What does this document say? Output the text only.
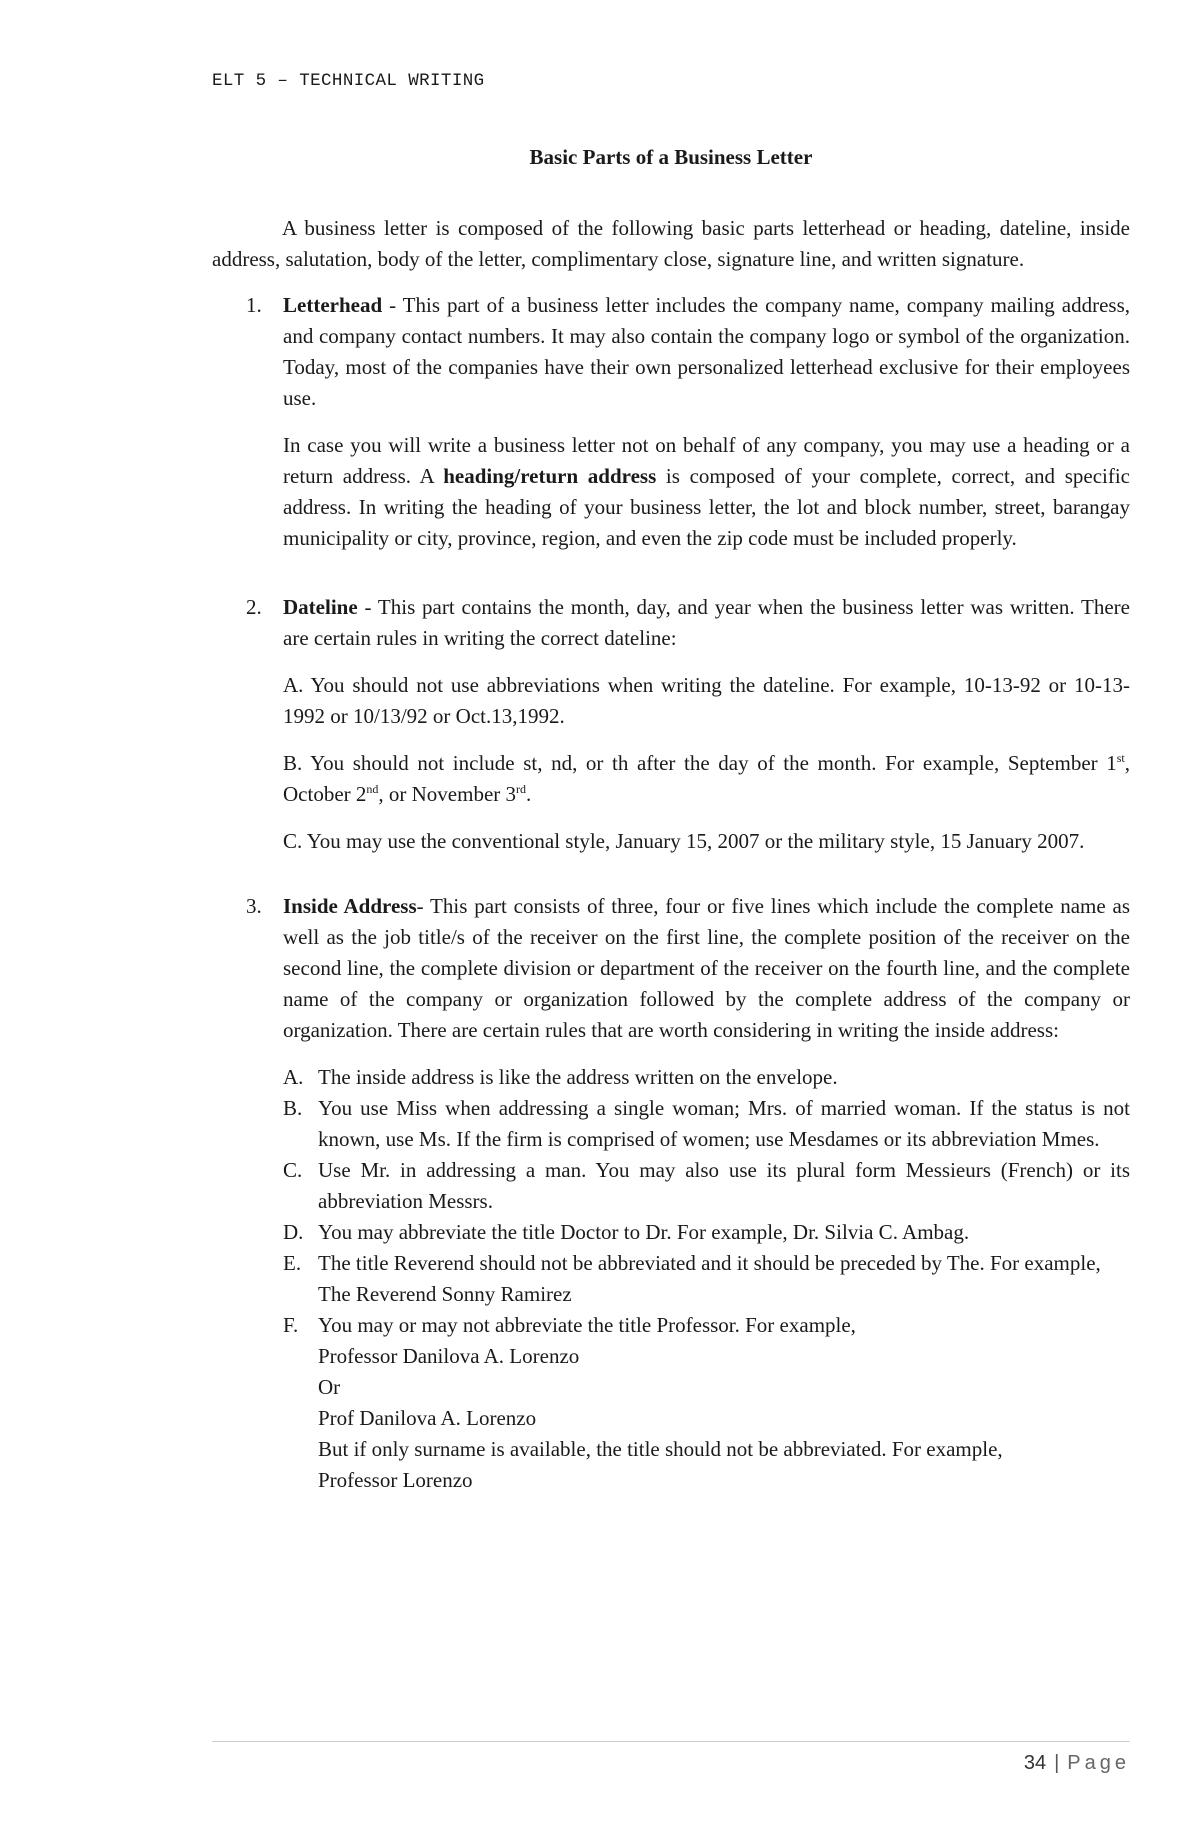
ELT 5 – TECHNICAL WRITING
Basic Parts of a Business Letter

A business letter is composed of the following basic parts letterhead or heading, dateline, inside address, salutation, body of the letter, complimentary close, signature line, and written signature.

1. Letterhead - This part of a business letter includes the company name, company mailing address, and company contact numbers. It may also contain the company logo or symbol of the organization. Today, most of the companies have their own personalized letterhead exclusive for their employees use.

In case you will write a business letter not on behalf of any company, you may use a heading or a return address. A heading/return address is composed of your complete, correct, and specific address. In writing the heading of your business letter, the lot and block number, street, barangay municipality or city, province, region, and even the zip code must be included properly.

2. Dateline - This part contains the month, day, and year when the business letter was written. There are certain rules in writing the correct dateline:

A. You should not use abbreviations when writing the dateline. For example, 10-13-92 or 10-13-1992 or 10/13/92 or Oct.13,1992.

B. You should not include st, nd, or th after the day of the month. For example, September 1st, October 2nd, or November 3rd.

C. You may use the conventional style, January 15, 2007 or the military style, 15 January 2007.

3. Inside Address- This part consists of three, four or five lines which include the complete name as well as the job title/s of the receiver on the first line, the complete position of the receiver on the second line, the complete division or department of the receiver on the fourth line, and the complete name of the company or organization followed by the complete address of the company or organization. There are certain rules that are worth considering in writing the inside address:

A. The inside address is like the address written on the envelope.
B. You use Miss when addressing a single woman; Mrs. of married woman. If the status is not known, use Ms. If the firm is comprised of women; use Mesdames or its abbreviation Mmes.
C. Use Mr. in addressing a man. You may also use its plural form Messieurs (French) or its abbreviation Messrs.
D. You may abbreviate the title Doctor to Dr. For example, Dr. Silvia C. Ambag.
E. The title Reverend should not be abbreviated and it should be preceded by The. For example,
The Reverend Sonny Ramirez
F. You may or may not abbreviate the title Professor. For example,
Professor Danilova A. Lorenzo
Or
Prof Danilova A. Lorenzo
But if only surname is available, the title should not be abbreviated. For example,
Professor Lorenzo
34 | Page
